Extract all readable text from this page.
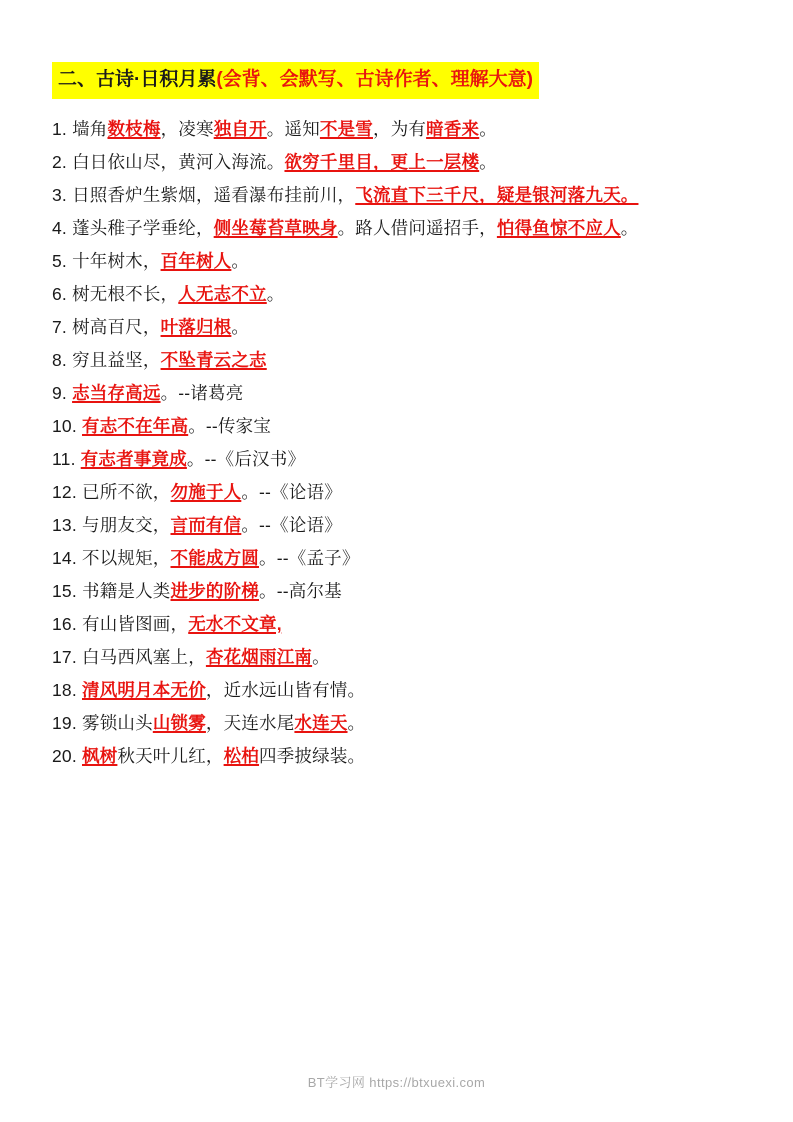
二、古诗·日积月累(会背、会默写、古诗作者、理解大意)
1. 墙角数枝梅，凌寒独自开。遥知不是雪，为有暗香来。
2. 白日依山尽，黄河入海流。欲穷千里目，更上一层楼。
3. 日照香炉生紫烟，遥看瀑布挂前川，飞流直下三千尺，疑是银河落九天。
4. 蓬头稚子学垂纶，侧坐莓苔草映身。路人借问遥招手，怕得鱼惊不应人。
5. 十年树木，百年树人。
6. 树无根不长，人无志不立。
7. 树高百尺，叶落归根。
8. 穷且益坚，不坠青云之志
9. 志当存高远。--诸葛亮
10. 有志不在年高。--传家宝
11. 有志者事竟成。--《后汉书》
12. 已所不欲，勿施于人。--《论语》
13. 与朋友交，言而有信。--《论语》
14. 不以规矩，不能成方圆。--《孟子》
15. 书籍是人类进步的阶梯。--高尔基
16. 有山皆图画，无水不文章,
17. 白马西风塞上，杏花烟雨江南。
18. 清风明月本无价，近水远山皆有情。
19. 雾锁山头山锁雾，天连水尾水连天。
20. 枫树秋天叶儿红，松柏四季披绿装。
BT学习网 https://btxuexi.com
